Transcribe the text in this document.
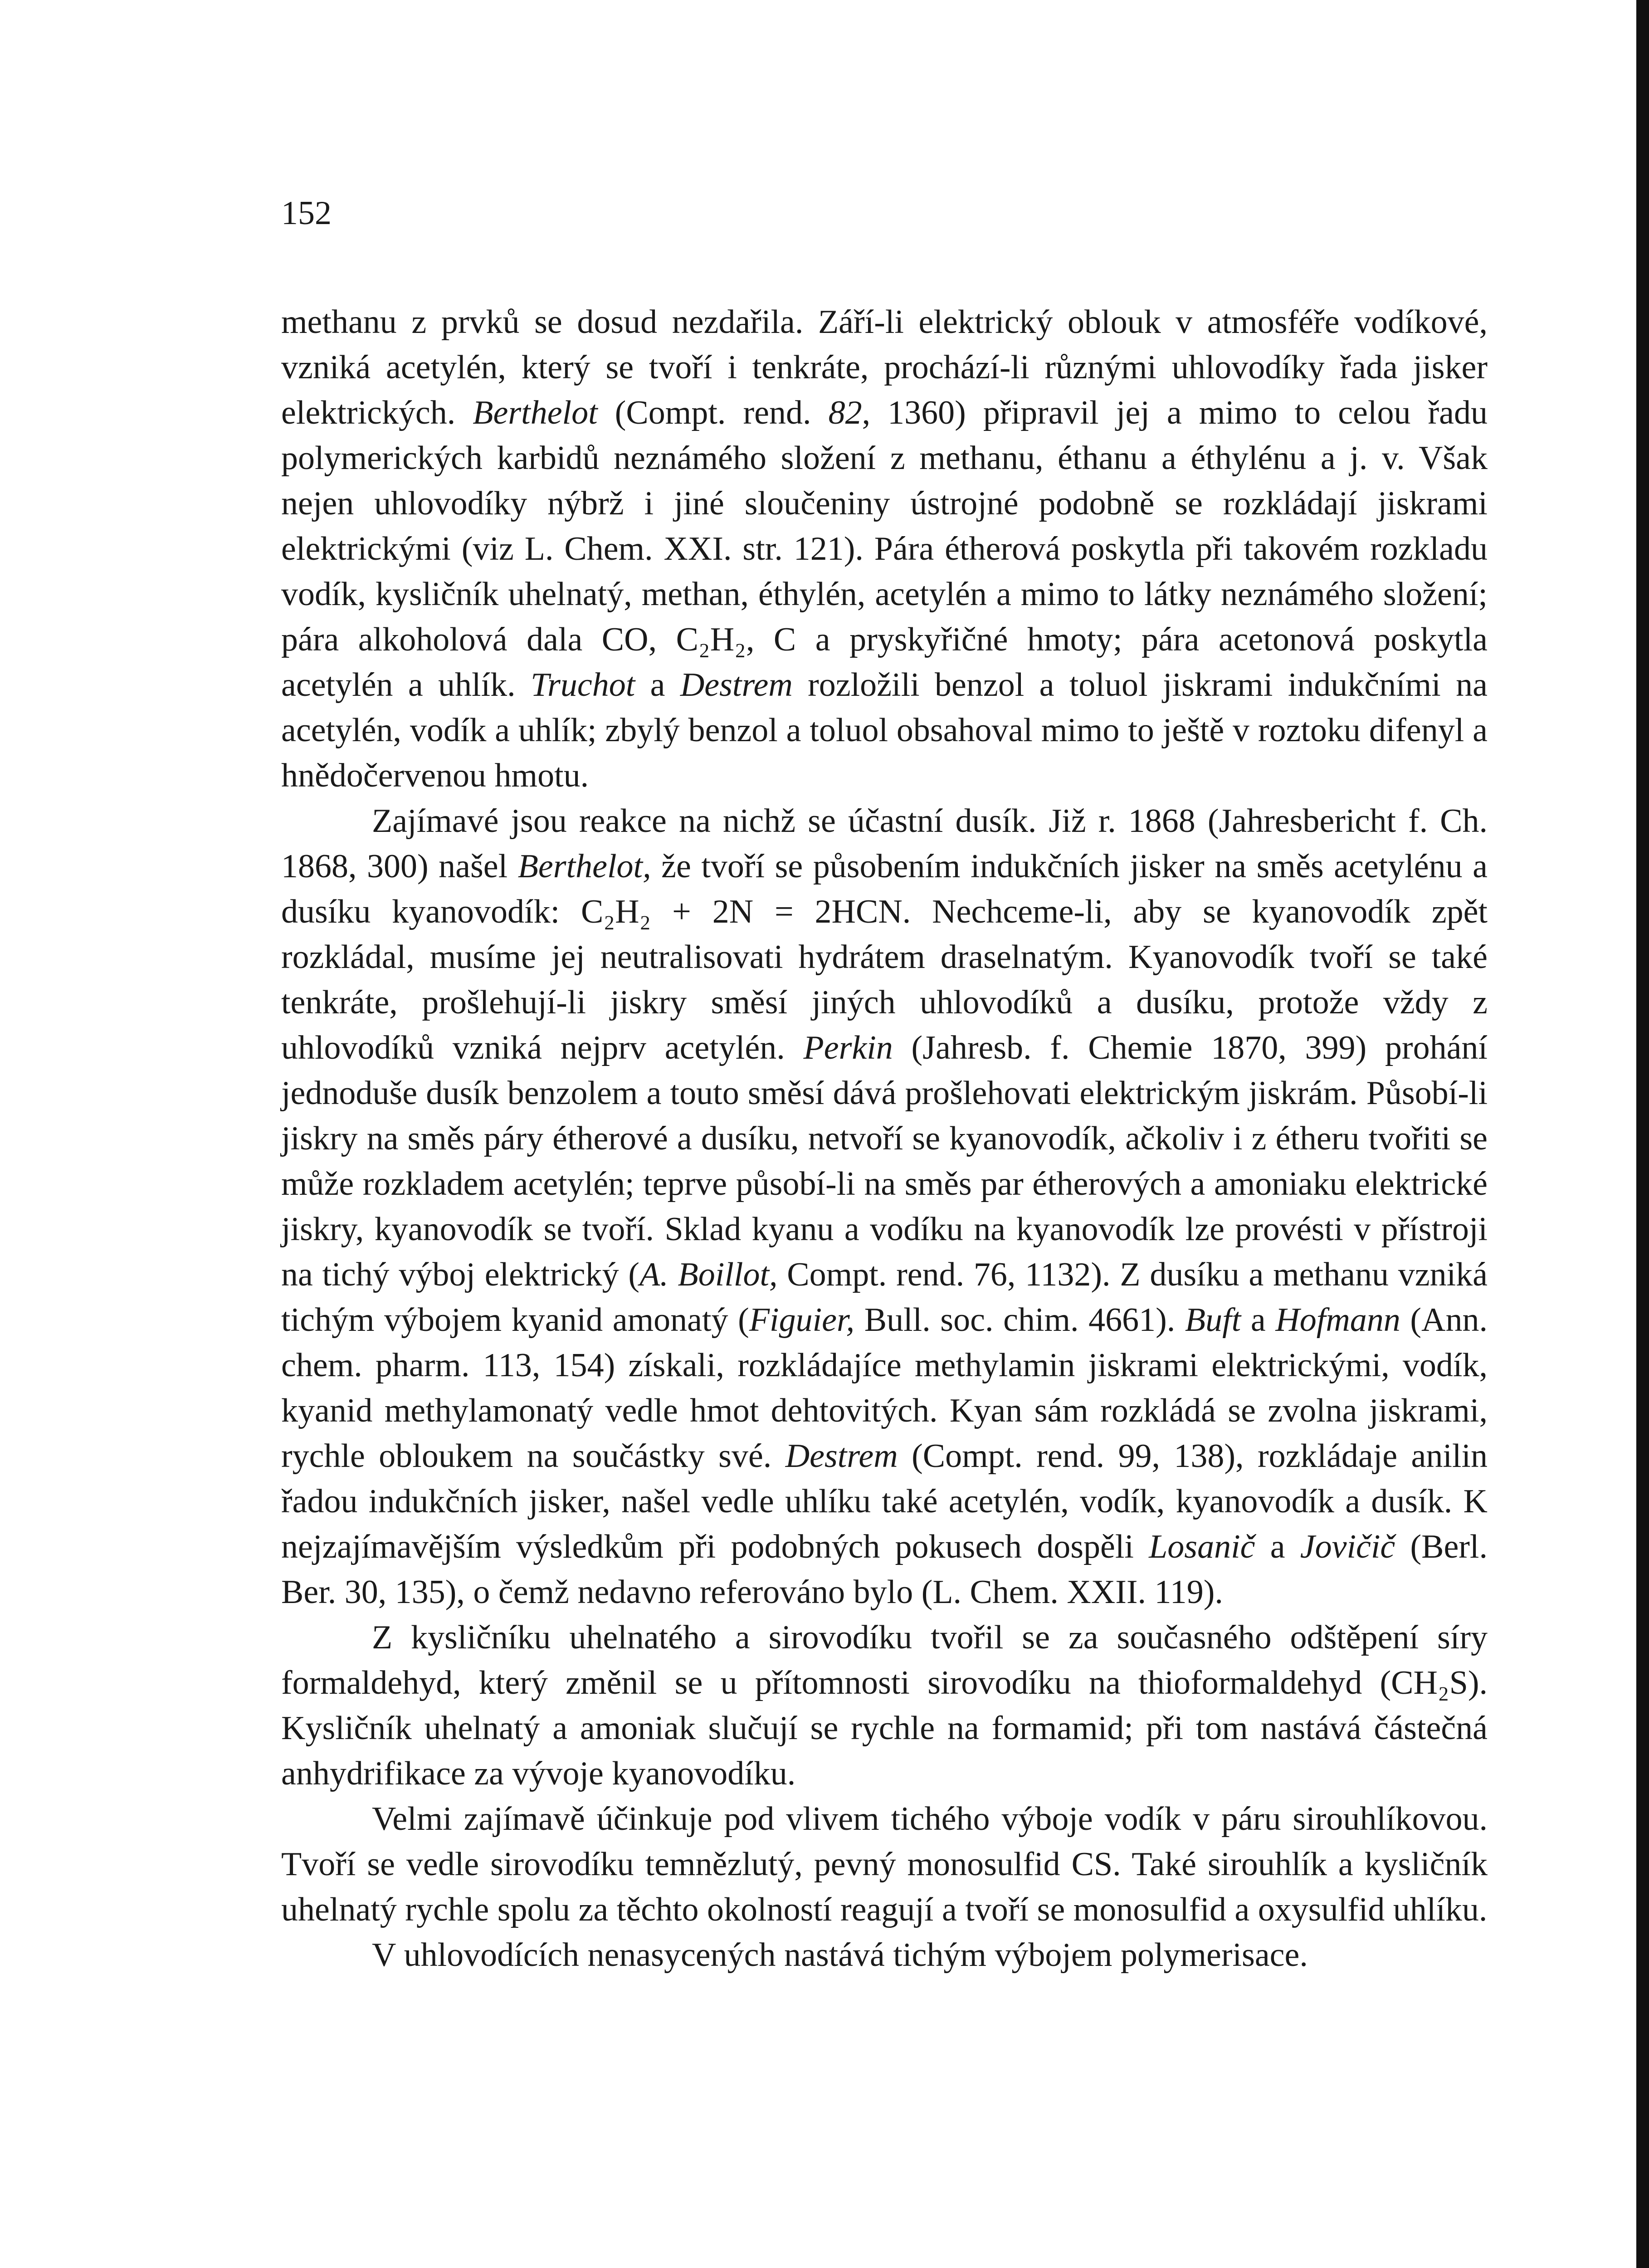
152

methanu z prvků se dosud nezdařila. Září-li elektrický oblouk v atmosféře vodíkové, vzniká acetylén, který se tvoří i tenkráte, prochází-li různými uhlovodíky řada jisker elektrických. Berthelot (Compt. rend. 82, 1360) připravil jej a mimo to celou řadu polymerických karbidů neznámého složení z methanu, éthanu a éthylénu a j. v. Však nejen uhlovodíky nýbrž i jiné sloučeniny ústrojné podobně se rozkládají jiskrami elektrickými (viz L. Chem. XXI. str. 121). Pára étherová poskytla při takovém rozkladu vodík, kysličník uhelnatý, methan, éthylén, acetylén a mimo to látky neznámého složení; pára alkoholová dala CO, C₂H₂, C a pryskyřičné hmoty; pára acetonová poskytla acetylén a uhlík. Truchot a Destrem rozložili benzol a toluol jiskrami indukčními na acetylén, vodík a uhlík; zbylý benzol a toluol obsahoval mimo to ještě v roztoku difenyl a hnědočervenou hmotu.

Zajímavé jsou reakce na nichž se účastní dusík. Již r. 1868 (Jahresbericht f. Ch. 1868, 300) našel Berthelot, že tvoří se působením indukčních jisker na směs acetylénu a dusíku kyanovodík: C₂H₂ + 2N = 2HCN. Nechceme-li, aby se kyanovodík zpět rozkládal, musíme jej neutralisovati hydrátem draselnatým. Kyanovodík tvoří se také tenkráte, prošlehují-li jiskry směsí jiných uhlovodíků a dusíku, protože vždy z uhlovodíků vzniká nejprv acetylén. Perkin (Jahresb. f. Chemie 1870, 399) prohání jednoduše dusík benzolem a touto směsí dává prošlehovati elektrickým jiskrám. Působí-li jiskry na směs páry étherové a dusíku, netvoří se kyanovodík, ačkoliv i z étheru tvořiti se může rozkladem acetylén; teprve působí-li na směs par étherových a amoniaku elektrické jiskry, kyanovodík se tvoří. Sklad kyanu a vodíku na kyanovodík lze provésti v přístroji na tichý výboj elektrický (A. Boillot, Compt. rend. 76, 1132). Z dusíku a methanu vzniká tichým výbojem kyanid amonatý (Figuier, Bull. soc. chim. 4661). Buft a Hofmann (Ann. chem. pharm. 113, 154) získali, rozkládajíce methylamin jiskrami elektrickými, vodík, kyanid methylamonatý vedle hmot dehtovitých. Kyan sám rozkládá se zvolna jiskrami, rychle obloukem na součástky své. Destrem (Compt. rend. 99, 138), rozkládaje anilin řadou indukčních jisker, našel vedle uhlíku také acetylén, vodík, kyanovodík a dusík. K nejzajímavějším výsledkům při podobných pokusech dospěli Losanič a Jovičič (Berl. Ber. 30, 135), o čemž nedavno referováno bylo (L. Chem. XXII. 119).

Z kysličníku uhelnatého a sirovodíku tvořil se za současného odštěpení síry formaldehyd, který změnil se u přítomnosti sirovodíku na thioformaldehyd (CH₂S). Kysličník uhelnatý a amoniak slučují se rychle na formamid; při tom nastává částečná anhydrifikace za vývoje kyanovodíku.

Velmi zajímavě účinkuje pod vlivem tichého výboje vodík v páru sirouhlíkovou. Tvoří se vedle sirovodíku temnězlutý, pevný monosulfid CS. Také sirouhlík a kysličník uhelnatý rychle spolu za těchto okolností reagují a tvoří se monosulfid a oxysulfid uhlíku.

V uhlovodících nenasycených nastává tichým výbojem polymerisace.
